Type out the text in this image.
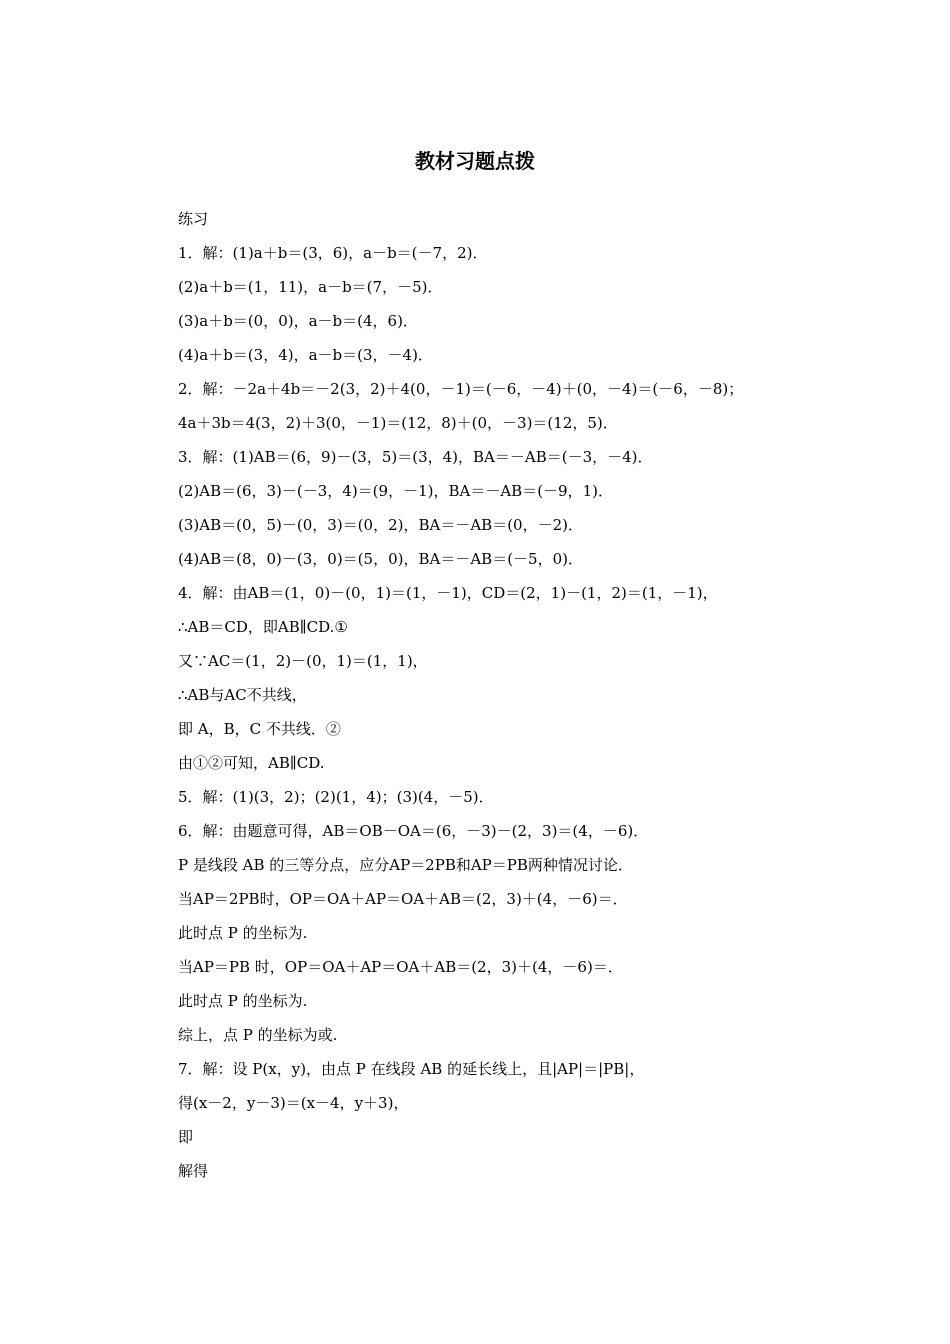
教材习题点拨

练习

1．解：(1)a＋b＝(3，6)，a－b＝(－7，2)．

(2)a＋b＝(1，11)，a－b＝(7，－5)．

(3)a＋b＝(0，0)，a－b＝(4，6)．

(4)a＋b＝(3，4)，a－b＝(3，－4)．

2．解：－2a＋4b＝－2(3，2)＋4(0，－1)＝(－6，－4)＋(0，－4)＝(－6，－8)；

4a＋3b＝4(3，2)＋3(0，－1)＝(12，8)＋(0，－3)＝(12，5)．

3．解：(1)AB＝(6，9)－(3，5)＝(3，4)，BA＝－AB＝(－3，－4)．

(2)AB＝(6，3)－(－3，4)＝(9，－1)，BA＝－AB＝(－9，1)．

(3)AB＝(0，5)－(0，3)＝(0，2)，BA＝－AB＝(0，－2)．

(4)AB＝(8，0)－(3，0)＝(5，0)，BA＝－AB＝(－5，0)．

4．解：由AB＝(1，0)－(0，1)＝(1，－1)，CD＝(2，1)－(1，2)＝(1，－1)，

∴AB＝CD，即AB∥CD.①

又∵AC＝(1，2)－(0，1)＝(1，1)，

∴AB与AC不共线，

即 A，B，C 不共线．②

由①②可知，AB∥CD.

5．解：(1)(3，2)；(2)(1，4)；(3)(4，－5)．

6．解：由题意可得，AB＝OB－OA＝(6，－3)－(2，3)＝(4，－6)．

P 是线段 AB 的三等分点，应分AP＝2PB和AP＝PB两种情况讨论．

当AP＝2PB时，OP＝OA＋AP＝OA＋AB＝(2，3)＋(4，－6)＝．

此时点 P 的坐标为.

当AP＝PB 时，OP＝OA＋AP＝OA＋AB＝(2，3)＋(4，－6)＝．

此时点 P 的坐标为.

综上，点 P 的坐标为或.

7．解：设 P(x，y)，由点 P 在线段 AB 的延长线上，且|AP|＝|PB|，

得(x－2，y－3)＝(x－4，y＋3)，

即

解得
